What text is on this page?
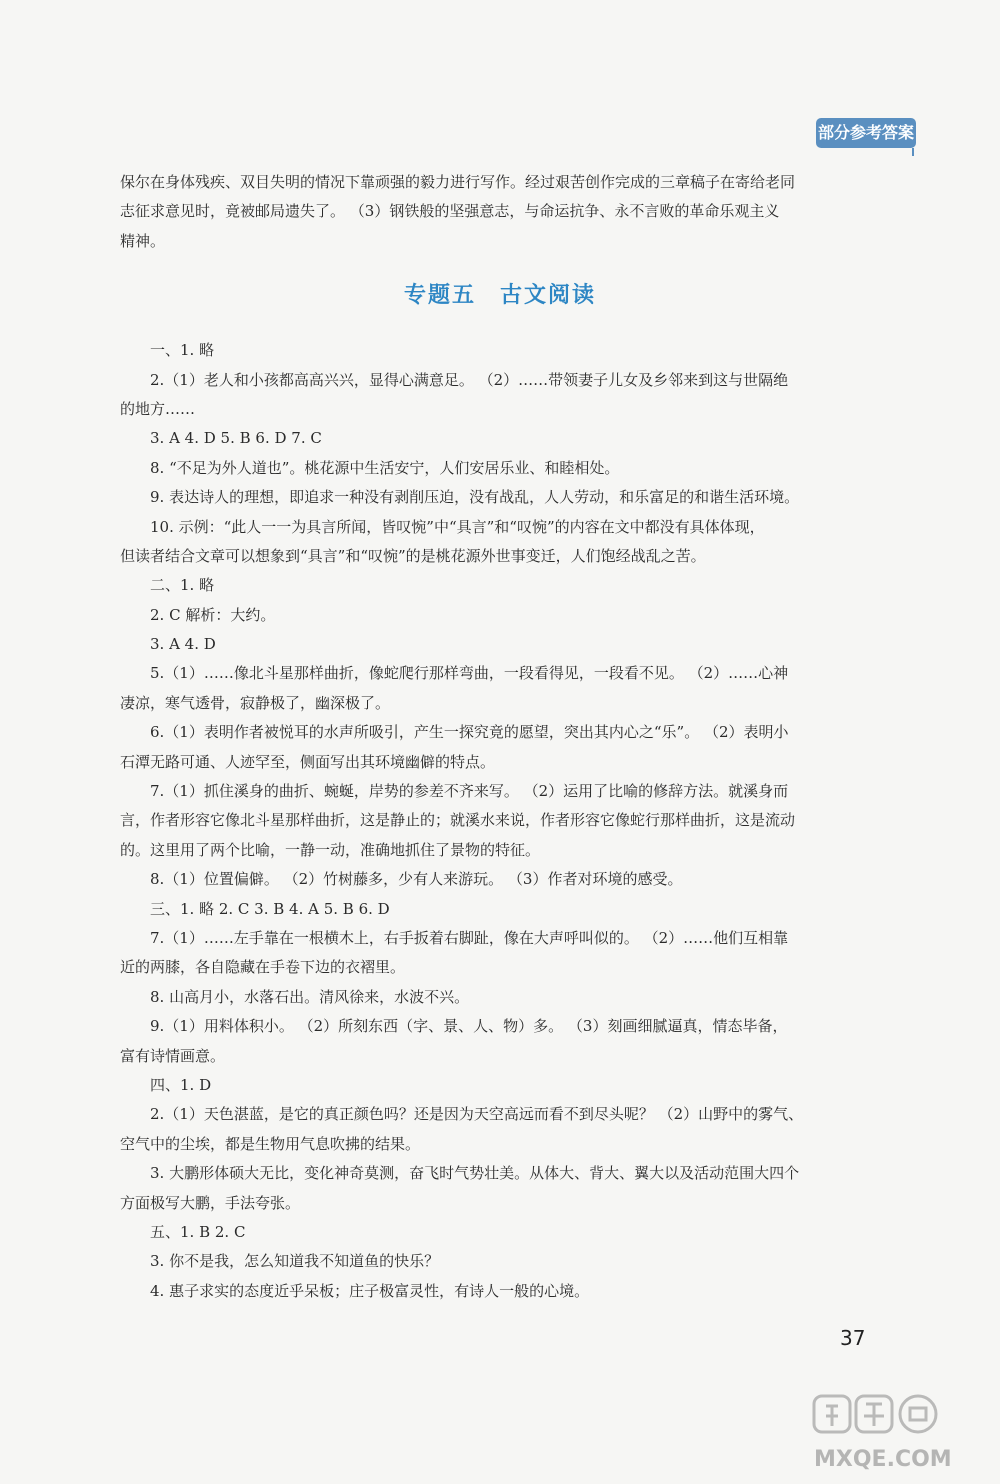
部分参考答案
保尔在身体残疾、双目失明的情况下靠顽强的毅力进行写作。经过艰苦创作完成的三章稿子在寄给老同
志征求意见时，竟被邮局遗失了。 （3）钢铁般的坚强意志，与命运抗争、永不言败的革命乐观主义
精神。
专题五　古文阅读
一、1. 略
2.（1）老人和小孩都高高兴兴，显得心满意足。 （2）……带领妻子儿女及乡邻来到这与世隔绝
的地方……
3. A 4. D 5. B 6. D 7. C
8. “不足为外人道也”。桃花源中生活安宁，人们安居乐业、和睦相处。
9. 表达诗人的理想，即追求一种没有剥削压迫，没有战乱，人人劳动，和乐富足的和谐生活环境。
10. 示例：“此人一一为具言所闻，皆叹惋”中“具言”和“叹惋”的内容在文中都没有具体体现，
但读者结合文章可以想象到“具言”和“叹惋”的是桃花源外世事变迁，人们饱经战乱之苦。
二、1. 略
2. C 解析：大约。
3. A 4. D
5.（1）……像北斗星那样曲折，像蛇爬行那样弯曲，一段看得见，一段看不见。 （2）……心神
凄凉，寒气透骨，寂静极了，幽深极了。
6.（1）表明作者被悦耳的水声所吸引，产生一探究竟的愿望，突出其内心之“乐”。 （2）表明小
石潭无路可通、人迹罕至，侧面写出其环境幽僻的特点。
7.（1）抓住溪身的曲折、蜿蜒，岸势的参差不齐来写。 （2）运用了比喻的修辞方法。就溪身而
言，作者形容它像北斗星那样曲折，这是静止的；就溪水来说，作者形容它像蛇行那样曲折，这是流动
的。这里用了两个比喻，一静一动，准确地抓住了景物的特征。
8.（1）位置偏僻。 （2）竹树藤多，少有人来游玩。 （3）作者对环境的感受。
三、1. 略 2. C 3. B 4. A 5. B 6. D
7.（1）……左手靠在一根横木上，右手扳着右脚趾，像在大声呼叫似的。 （2）……他们互相靠
近的两膝，各自隐藏在手卷下边的衣褶里。
8. 山高月小，水落石出。清风徐来，水波不兴。
9.（1）用料体积小。 （2）所刻东西（字、景、人、物）多。 （3）刻画细腻逼真，情态毕备，
富有诗情画意。
四、1. D
2.（1）天色湛蓝，是它的真正颜色吗？还是因为天空高远而看不到尽头呢？ （2）山野中的雾气、
空气中的尘埃，都是生物用气息吹拂的结果。
3. 大鹏形体硕大无比，变化神奇莫测，奋飞时气势壮美。从体大、背大、翼大以及活动范围大四个
方面极写大鹏，手法夸张。
五、1. B 2. C
3. 你不是我，怎么知道我不知道鱼的快乐？
4. 惠子求实的态度近乎呆板；庄子极富灵性，有诗人一般的心境。
37
MXQE.COM
